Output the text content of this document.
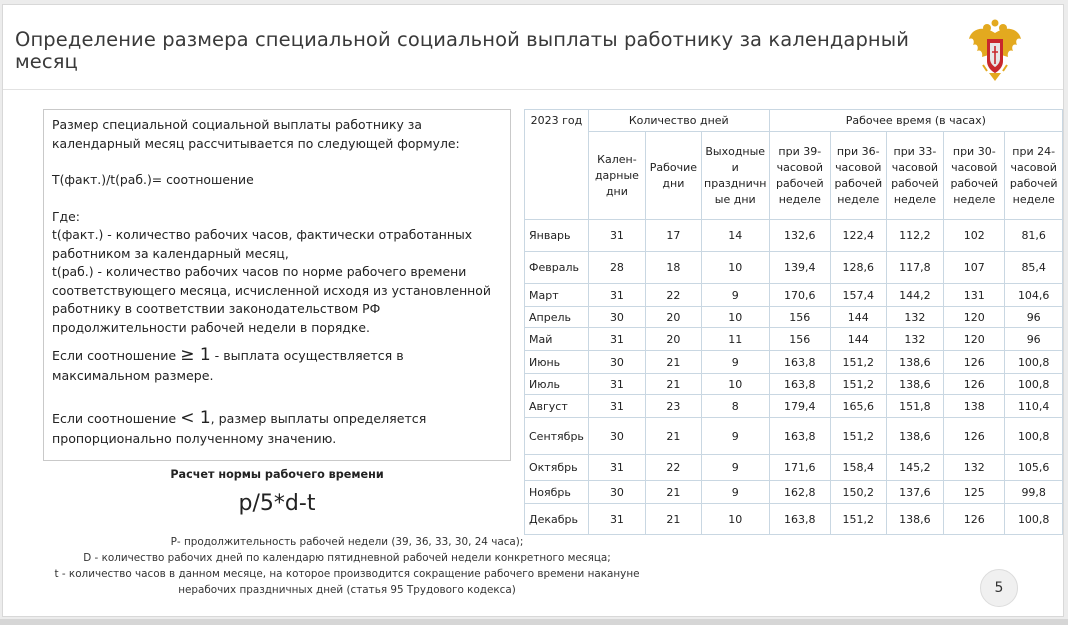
Определение размера специальной социальной выплаты работнику за календарный месяц

Размер специальной социальной выплаты работнику за календарный месяц рассчитывается по следующей формуле:

T(факт.)/t(раб.)= соотношение

Где:

t(факт.) - количество рабочих часов, фактически отработанных работником за календарный месяц,

t(раб.) - количество рабочих часов по норме рабочего времени соответствующего месяца, исчисленной исходя из установленной работнику в соответствии законодательством РФ продолжительности рабочей недели в порядке.

Если соотношение ≥ 1 - выплата осуществляется в максимальном размере.

Если соотношение < 1, размер выплаты определяется пропорционально полученному значению.

Расчет нормы рабочего времени
p/5*d-t

Р- продолжительность рабочей недели (39, 36, 33, 30, 24 часа);

D - количество рабочих дней по календарю пятидневной рабочей недели конкретного месяца;

t - количество часов в данном месяце, на которое производится сокращение рабочего времени накануне

нерабочих праздничных дней (статья 95 Трудового кодекса)

2023 год	Количество дней			Рабочее время (в часах)				
	Кален-
дарные
дни	Рабочие
дни	Выходные
и
праздничн
ые дни	при 39-
часовой
рабочей
неделе	при 36-
часовой
рабочей
неделе	при 33-
часовой
рабочей
неделе	при 30-
часовой
рабочей
неделе	при 24-
часовой
рабочей
неделе
Январь	31	17	14	132,6	122,4	112,2	102	81,6
Февраль	28	18	10	139,4	128,6	117,8	107	85,4
Март	31	22	9	170,6	157,4	144,2	131	104,6
Апрель	30	20	10	156	144	132	120	96
Май	31	20	11	156	144	132	120	96
Июнь	30	21	9	163,8	151,2	138,6	126	100,8
Июль	31	21	10	163,8	151,2	138,6	126	100,8
Август	31	23	8	179,4	165,6	151,8	138	110,4
Сентябрь	30	21	9	163,8	151,2	138,6	126	100,8
Октябрь	31	22	9	171,6	158,4	145,2	132	105,6
Ноябрь	30	21	9	162,8	150,2	137,6	125	99,8
Декабрь	31	21	10	163,8	151,2	138,6	126	100,8
5
